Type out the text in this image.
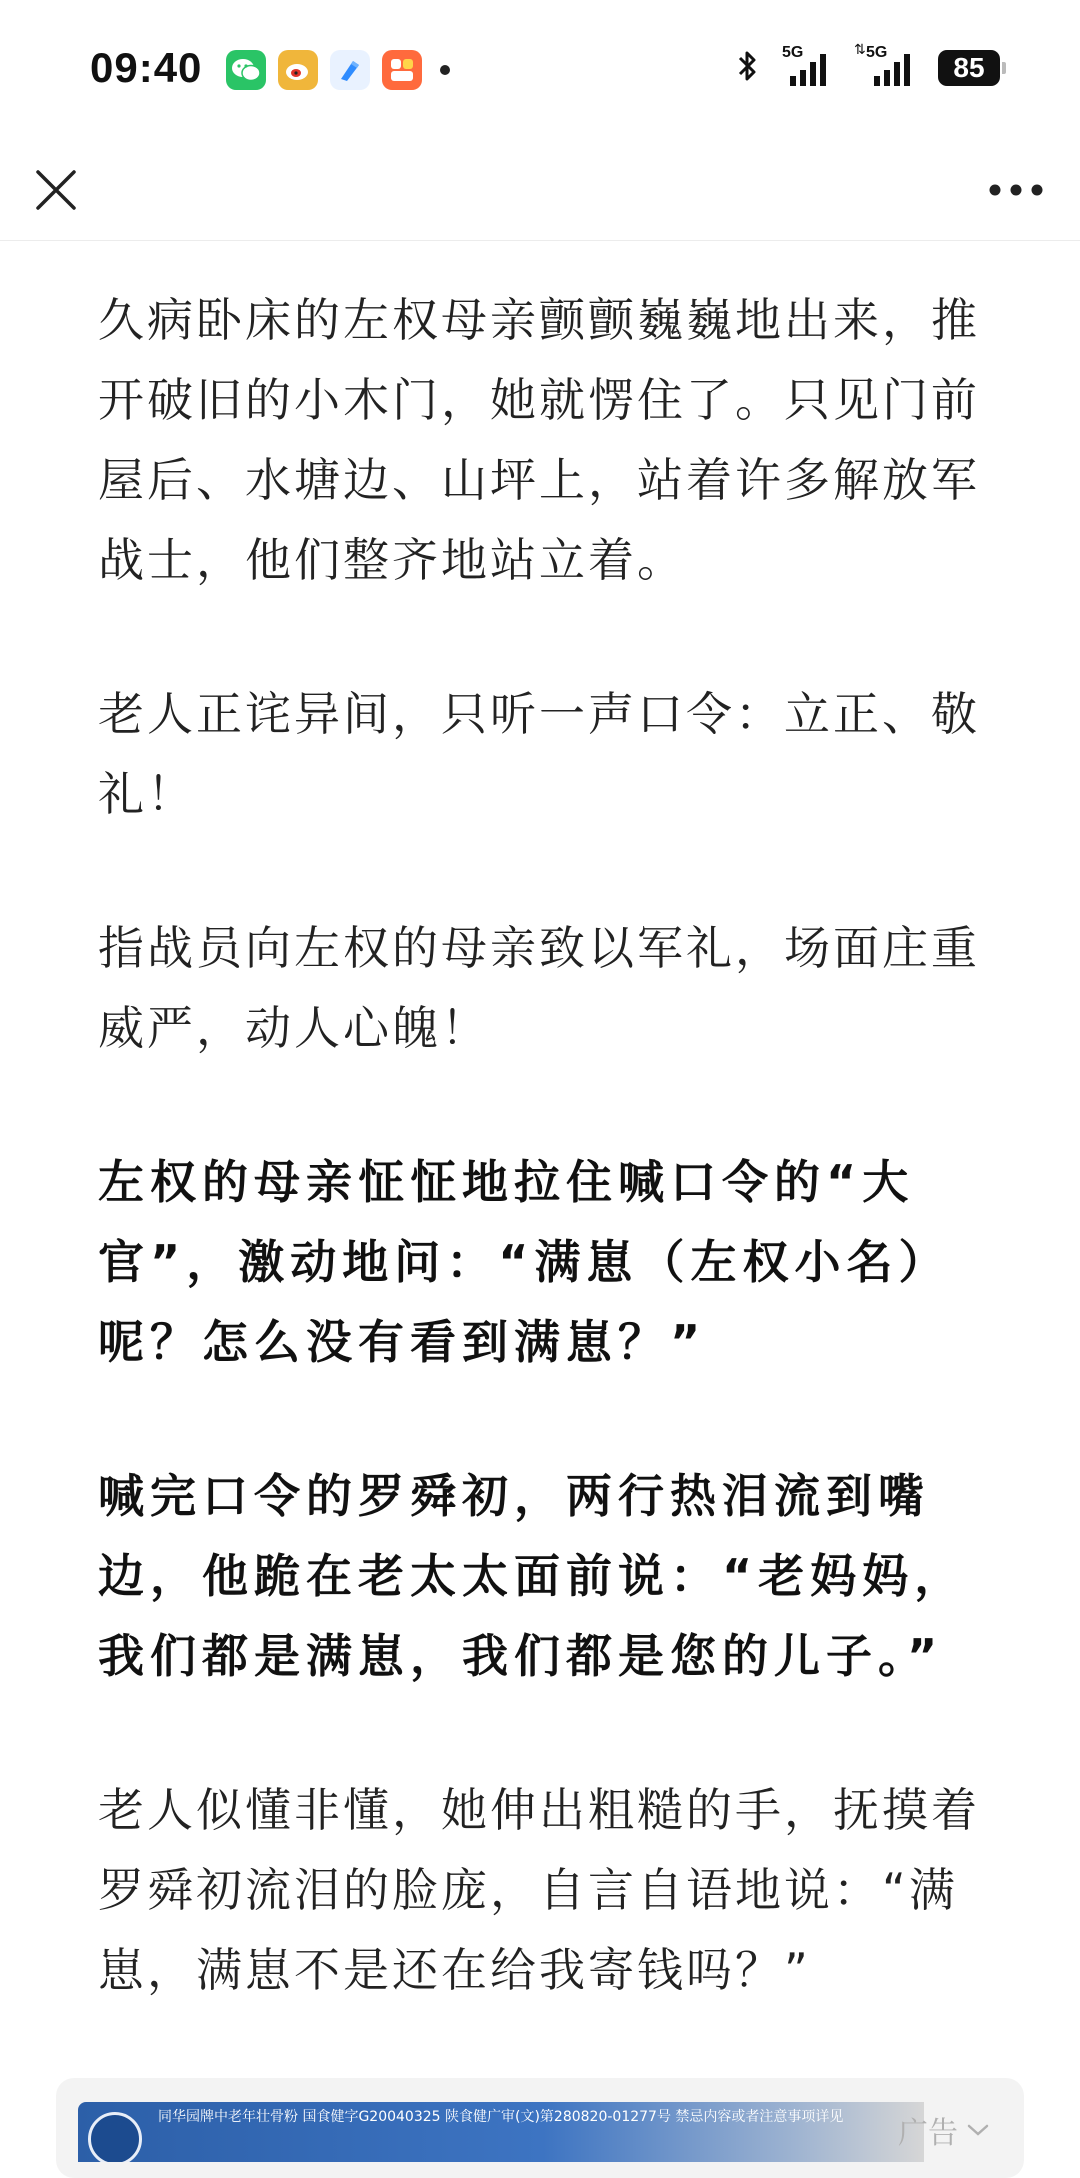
09:40	5G	⇅ 5G	85

久病卧床的左权母亲颤颤巍巍地出来，推开破旧的小木门，她就愣住了。只见门前屋后、水塘边、山坪上，站着许多解放军战士，他们整齐地站立着。

老人正诧异间，只听一声口令：立正、敬礼！

指战员向左权的母亲致以军礼，场面庄重威严，动人心魄！

左权的母亲怔怔地拉住喊口令的“大官”，激动地问：“满崽（左权小名）呢？怎么没有看到满崽？”

喊完口令的罗舜初，两行热泪流到嘴边，他跪在老太太面前说：“老妈妈，我们都是满崽，我们都是您的儿子。”

老人似懂非懂，她伸出粗糙的手，抚摸着罗舜初流泪的脸庞，自言自语地说：“满崽，满崽不是还在给我寄钱吗？”

同华园牌中老年壮骨粉 国食健字G20040325 陕食健广审(文)第280820-01277号 禁忌内容或者注意事项详见	广告
